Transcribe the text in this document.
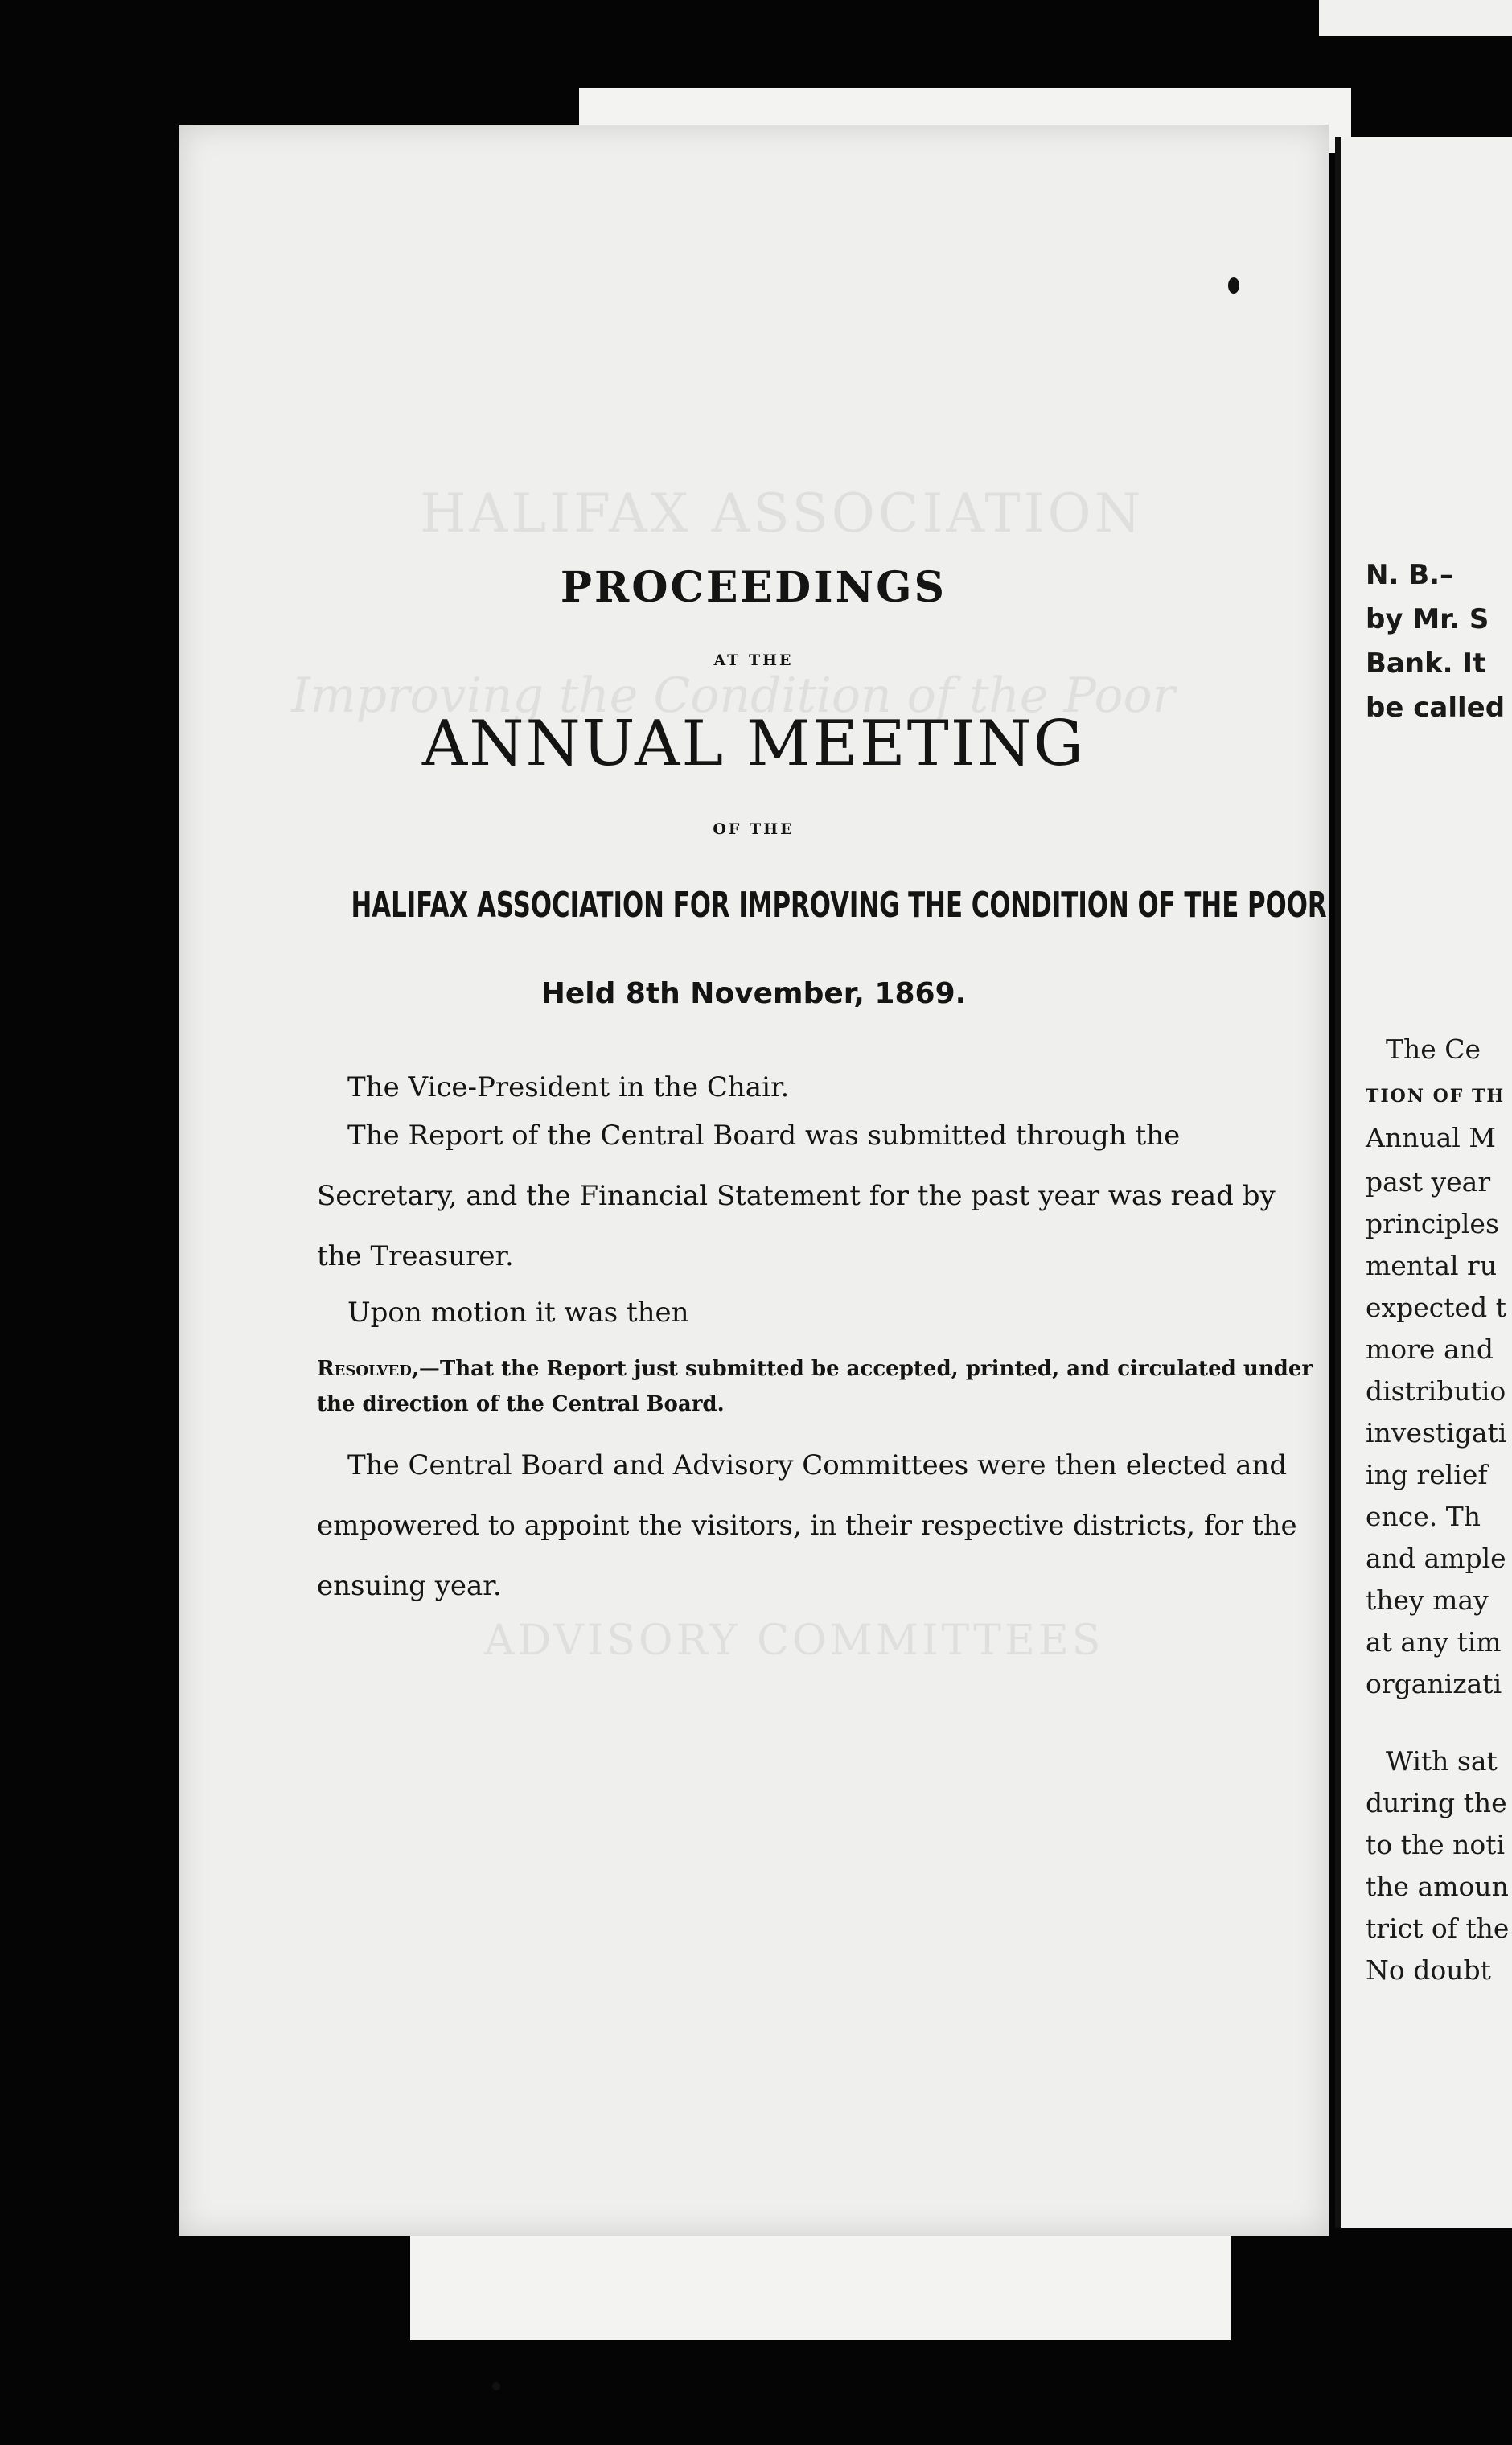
N. B.–
by Mr. S
Bank. It
be called
The Ce
TION OF TH
Annual M
past year
principles
mental ru
expected t
more and
distributio
investigati
ing relief
ence. Th
and ample
they may
at any tim
organizati
With sat
during the
to the noti
the amoun
trict of the
No doubt
HALIFAX ASSOCIATION
Improving the Condition of the Poor
ADVISORY COMMITTEES
PROCEEDINGS
AT THE
ANNUAL MEETING
OF THE
HALIFAX ASSOCIATION FOR IMPROVING THE CONDITION OF THE POOR
Held 8th November, 1869.
The Vice-President in the Chair.
The Report of the Central Board was submitted through the Secretary, and the Financial Statement for the past year was read by the Treasurer.
Upon motion it was then
Resolved,—That the Report just submitted be accepted, printed, and circulated under the direction of the Central Board.
The Central Board and Advisory Committees were then elected and empowered to appoint the visitors, in their respective districts, for the ensuing year.
